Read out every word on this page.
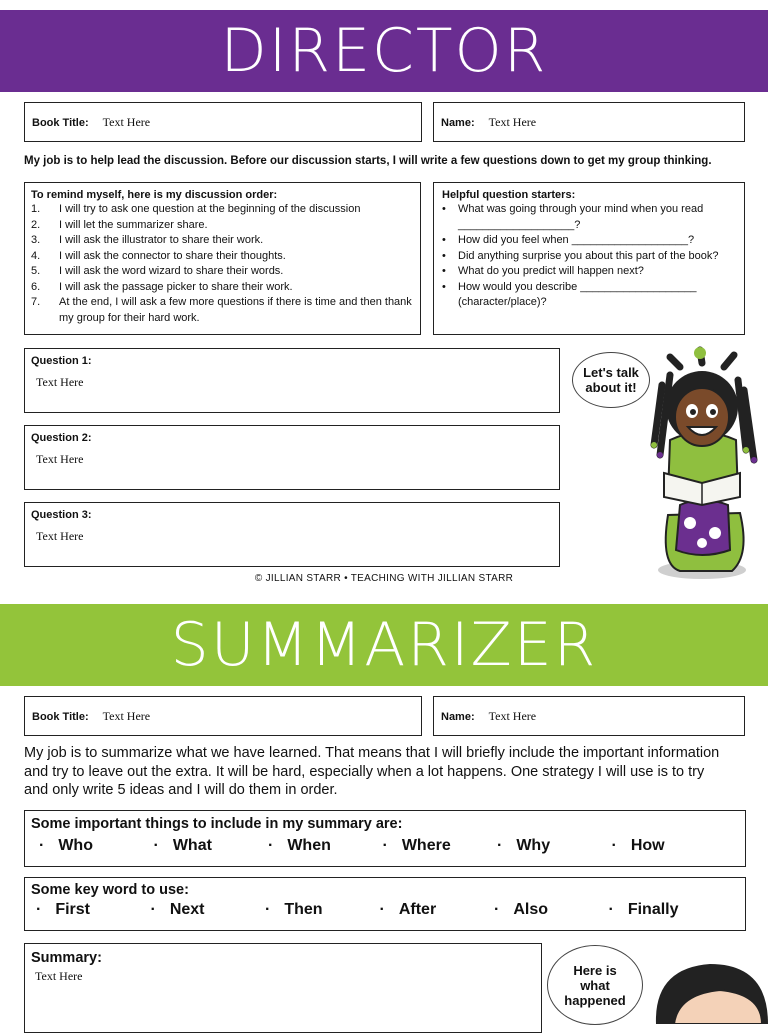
DIRECTOR
Book Title: Text Here	Name: Text Here
My job is to help lead the discussion. Before our discussion starts, I will write a few questions down to get my group thinking.
To remind myself, here is my discussion order:
1.	I will try to ask one question at the beginning of the discussion
2.	I will let the summarizer share.
3.	I will ask the illustrator to share their work.
4.	I will ask the connector to share their thoughts.
5.	I will ask the word wizard to share their words.
6.	I will ask the passage picker to share their work.
7.	At the end, I will ask a few more questions if there is time and then thank my group for their hard work.
Helpful question starters:
•	What was going through your mind when you read ___________________?
•	How did you feel when ___________________?
•	Did anything surprise you about this part of the book?
•	What do you predict will happen next?
•	How would you describe ___________________ (character/place)?
Question 1:
Text Here
Question 2:
Text Here
Question 3:
Text Here
Let's talk about it!
© JILLIAN STARR • TEACHING WITH JILLIAN STARR
SUMMARIZER
Book Title: Text Here	Name: Text Here
My job is to summarize what we have learned. That means that I will briefly include the important information and try to leave out the extra. It will be hard, especially when a lot happens. One strategy I will use is to try and only write 5 ideas and I will do them in order.
Some important things to include in my summary are:
· Who	· What	· When	· Where	· Why	· How
Some key word to use:
· First	· Next	· Then	· After	· Also	· Finally
Summary:
Text Here	Here is what happened
